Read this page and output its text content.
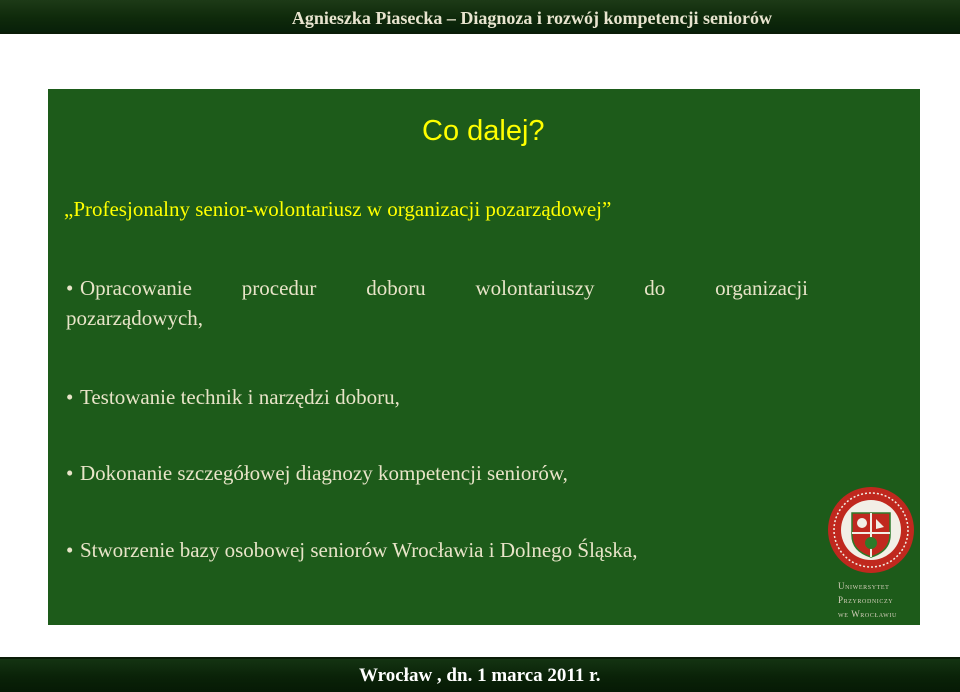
Agnieszka Piasecka – Diagnoza i rozwój kompetencji seniorów
Co dalej?
„Profesjonalny senior-wolontariusz w organizacji pozarządowej”
• Opracowanie procedur doboru wolontariuszy do organizacji
pozarządowych,
• Testowanie technik i narzędzi doboru,
• Dokonanie szczegółowej diagnozy kompetencji seniorów,
• Stworzenie bazy osobowej seniorów Wrocławia i Dolnego Śląska,
Uniwersytet
Przyrodniczy
we Wrocławiu
Wrocław , dn. 1 marca 2011 r.
